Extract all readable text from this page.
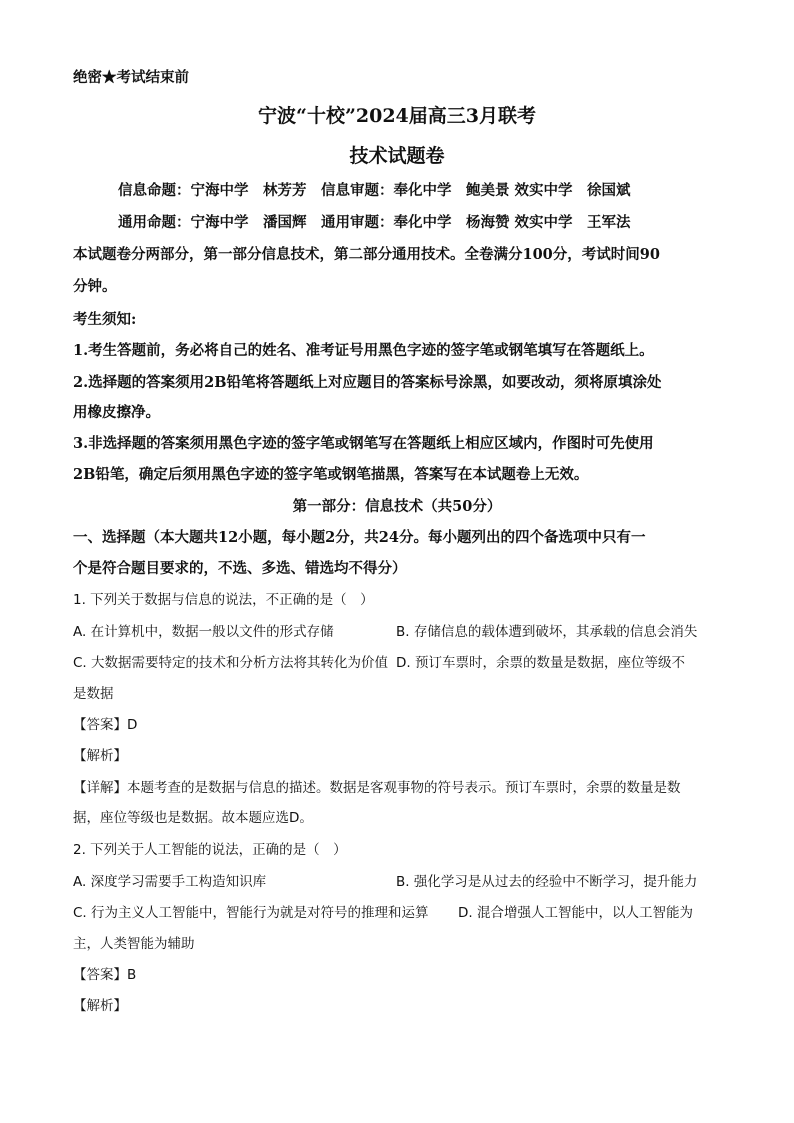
绝密★考试结束前
宁波“十校”2024届高三3月联考
技术试题卷
信息命题：宁海中学　林芳芳　信息审题：奉化中学　鲍美景 效实中学　徐国斌
通用命题：宁海中学　潘国辉　通用审题：奉化中学　杨海赞 效实中学　王军法
本试题卷分两部分，第一部分信息技术，第二部分通用技术。全卷满分100分，考试时间90
分钟。
考生须知:
1.考生答题前，务必将自己的姓名、准考证号用黑色字迹的签字笔或钢笔填写在答题纸上。
2.选择题的答案须用2B铅笔将答题纸上对应题目的答案标号涂黑，如要改动，须将原填涂处
用橡皮擦净。
3.非选择题的答案须用黑色字迹的签字笔或钢笔写在答题纸上相应区域内，作图时可先使用
2B铅笔，确定后须用黑色字迹的签字笔或钢笔描黑，答案写在本试题卷上无效。
第一部分：信息技术（共50分）
一、选择题（本大题共12小题，每小题2分，共24分。每小题列出的四个备选项中只有一
个是符合题目要求的，不选、多选、错选均不得分）
1. 下列关于数据与信息的说法，不正确的是（　）
A. 在计算机中，数据一般以文件的形式存储	B. 存储信息的载体遭到破坏，其承载的信息会消失
C. 大数据需要特定的技术和分析方法将其转化为价值 D. 预订车票时，余票的数量是数据，座位等级不
是数据
【答案】D
【解析】
【详解】本题考查的是数据与信息的描述。数据是客观事物的符号表示。预订车票时，余票的数量是数
据，座位等级也是数据。故本题应选D。
2. 下列关于人工智能的说法，正确的是（　）
A. 深度学习需要手工构造知识库	B. 强化学习是从过去的经验中不断学习，提升能力
C. 行为主义人工智能中，智能行为就是对符号的推理和运算 D. 混合增强人工智能中，以人工智能为
主，人类智能为辅助
【答案】B
【解析】
